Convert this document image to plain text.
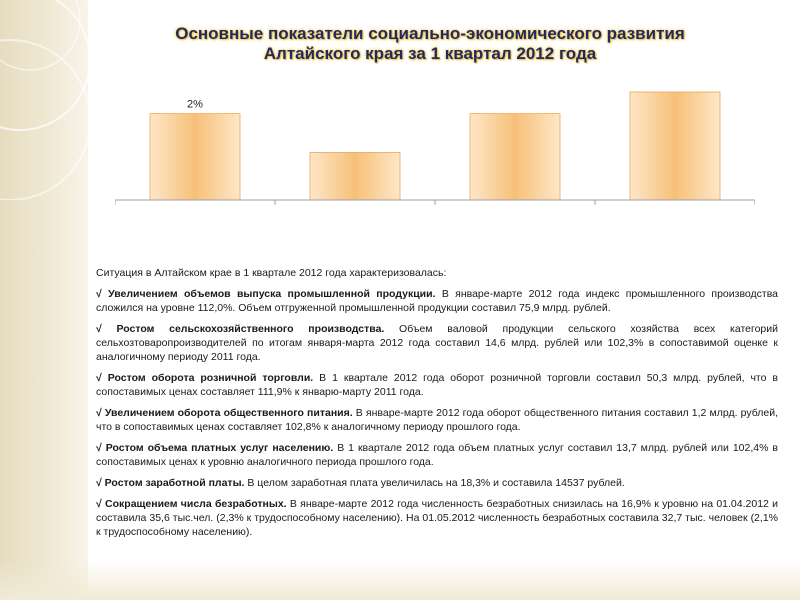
Основные показатели социально-экономического развития
Алтайского края за 1 квартал 2012 года
2%

Ситуация в Алтайском крае в 1 квартале 2012 года характеризовалась:

√ Увеличением объемов выпуска промышленной продукции. В январе-марте 2012 года индекс промышленного производства сложился на уровне 112,0%. Объем отгруженной промышленной продукции составил 75,9 млрд. рублей.

√ Ростом сельскохозяйственного производства. Объем валовой продукции сельского хозяйства всех категорий сельхозтоваропроизводителей по итогам января-марта 2012 года составил 14,6 млрд. рублей или 102,3% в сопоставимой оценке к аналогичному периоду 2011 года.

√ Ростом оборота розничной торговли. В 1 квартале 2012 года оборот розничной торговли составил 50,3 млрд. рублей, что в сопоставимых ценах составляет 111,9% к январю-марту 2011 года.

√ Увеличением оборота общественного питания. В январе-марте 2012 года оборот общественного питания составил 1,2 млрд. рублей, что в сопоставимых ценах составляет 102,8% к аналогичному периоду прошлого года.

√ Ростом объема платных услуг населению. В 1 квартале 2012 года объем платных услуг составил 13,7 млрд. рублей или 102,4% в сопоставимых ценах к уровню аналогичного периода прошлого года.

√ Ростом заработной платы. В целом заработная плата увеличилась на 18,3% и составила 14537 рублей.

√ Сокращением числа безработных. В январе-марте 2012 года численность безработных снизилась на 16,9% к уровню на 01.04.2012 и составила 35,6 тыс.чел. (2,3% к трудоспособному населению). На 01.05.2012 численность безработных составила 32,7 тыс. человек (2,1% к трудоспособному населению).
